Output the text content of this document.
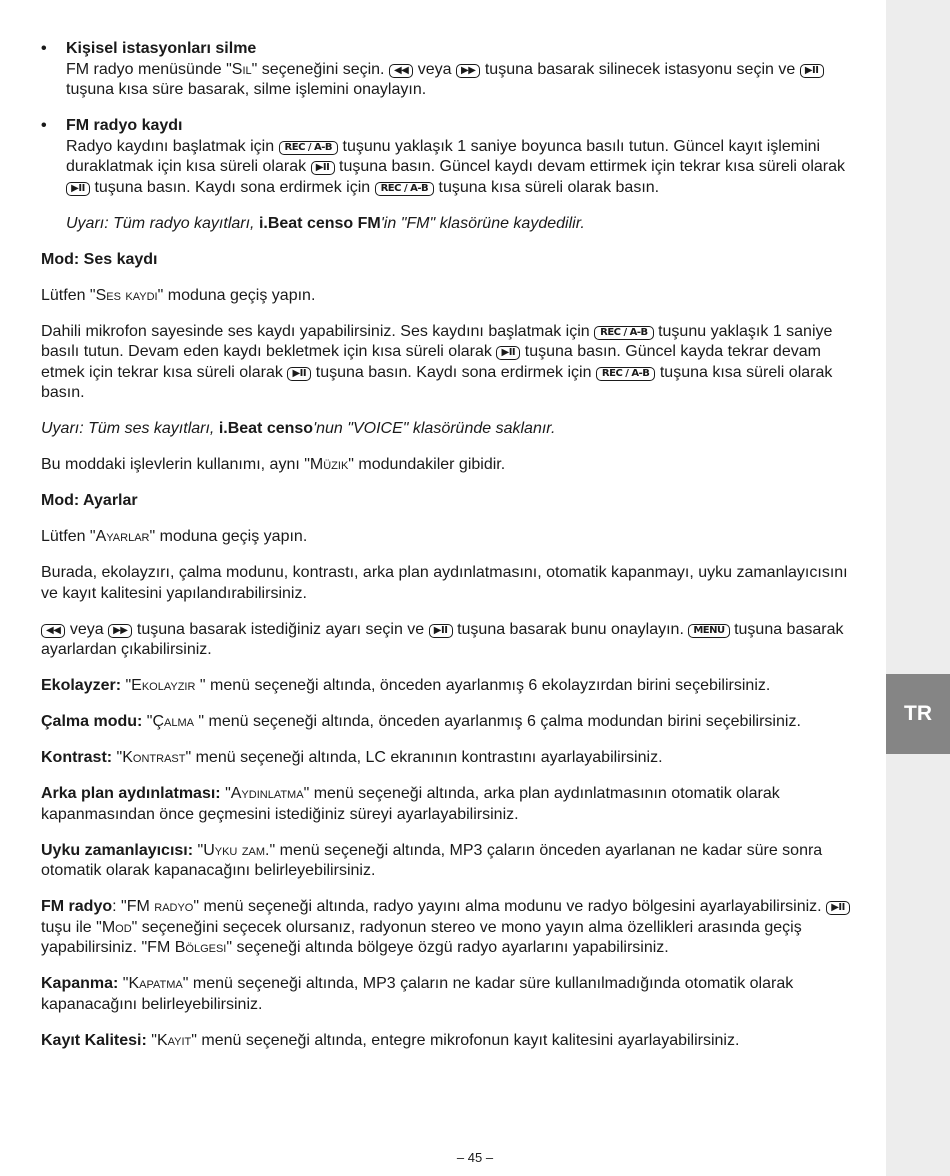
TR
• Kişisel istasyonları silme
FM radyo menüsünde "Sil" seçeneğini seçin. ◀◀ veya ▶▶ tuşuna basarak silinecek istasyonu seçin ve ▶II tuşuna kısa süre basarak, silme işlemini onaylayın.
• FM radyo kaydı
Radyo kaydını başlatmak için REC / A-B tuşunu yaklaşık 1 saniye boyunca basılı tutun. Güncel kayıt işlemini duraklatmak için kısa süreli olarak ▶II tuşuna basın. Güncel kaydı devam ettirmek için tekrar kısa süreli olarak ▶II tuşuna basın. Kaydı sona erdirmek için REC / A-B tuşuna kısa süreli olarak basın.
Uyarı: Tüm radyo kayıtları, i.Beat censo FM'in "FM" klasörüne kaydedilir.

Mod: Ses kaydı

Lütfen "Ses kaydı" moduna geçiş yapın.

Dahili mikrofon sayesinde ses kaydı yapabilirsiniz. Ses kaydını başlatmak için REC / A-B tuşunu yaklaşık 1 saniye basılı tutun. Devam eden kaydı bekletmek için kısa süreli olarak ▶II tuşuna basın. Güncel kayda tekrar devam etmek için tekrar kısa süreli olarak ▶II tuşuna basın. Kaydı sona erdirmek için REC / A-B tuşuna kısa süreli olarak basın.

Uyarı: Tüm ses kayıtları, i.Beat censo'nun "VOICE" klasöründe saklanır.

Bu moddaki işlevlerin kullanımı, aynı "Müzik" modundakiler gibidir.

Mod: Ayarlar

Lütfen "Ayarlar" moduna geçiş yapın.

Burada, ekolayzırı, çalma modunu, kontrastı, arka plan aydınlatmasını, otomatik kapanmayı, uyku zamanlayıcısını ve kayıt kalitesini yapılandırabilirsiniz.

◀◀ veya ▶▶ tuşuna basarak istediğiniz ayarı seçin ve ▶II tuşuna basarak bunu onaylayın. MENU tuşuna basarak ayarlardan çıkabilirsiniz.

Ekolayzer: "Ekolayzır " menü seçeneği altında, önceden ayarlanmış 6 ekolayzırdan birini seçebilirsiniz.

Çalma modu: "Çalma " menü seçeneği altında, önceden ayarlanmış 6 çalma modundan birini seçebilirsiniz.

Kontrast: "Kontrast" menü seçeneği altında, LC ekranının kontrastını ayarlayabilirsiniz.

Arka plan aydınlatması: "Aydınlatma" menü seçeneği altında, arka plan aydınlatmasının otomatik olarak kapanmasından önce geçmesini istediğiniz süreyi ayarlayabilirsiniz.

Uyku zamanlayıcısı: "Uyku zam." menü seçeneği altında, MP3 çaların önceden ayarlanan ne kadar süre sonra otomatik olarak kapanacağını belirleyebilirsiniz.

FM radyo: "FM radyo" menü seçeneği altında, radyo yayını alma modunu ve radyo bölgesini ayarlayabilirsiniz. ▶II tuşu ile "Mod" seçeneğini seçecek olursanız, radyonun stereo ve mono yayın alma özellikleri arasında geçiş yapabilirsiniz. "FM Bölgesi" seçeneği altında bölgeye özgü radyo ayarlarını yapabilirsiniz.

Kapanma: "Kapatma" menü seçeneği altında, MP3 çaların ne kadar süre kullanılmadığında otomatik olarak kapanacağını belirleyebilirsiniz.

Kayıt Kalitesi: "Kayıt" menü seçeneği altında, entegre mikrofonun kayıt kalitesini ayarlayabilirsiniz.

– 45 –
